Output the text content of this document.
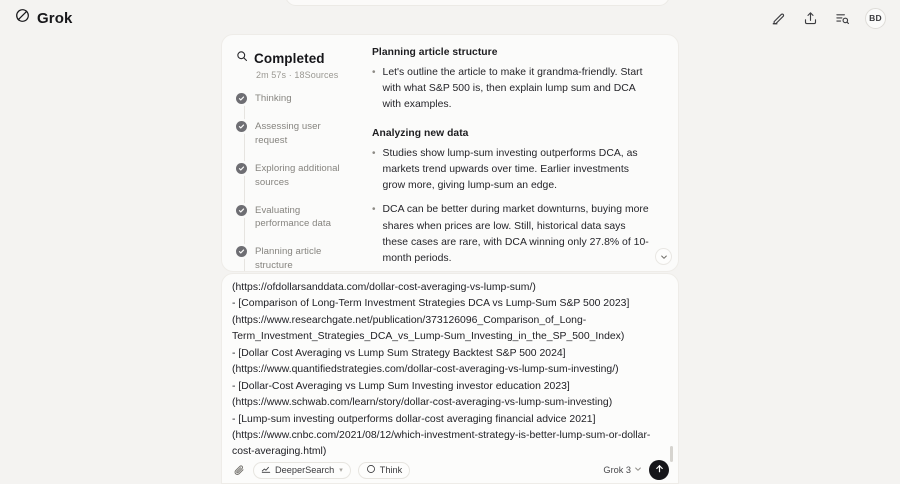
Grok	BD
Completed
2m 57s · 18Sources
Thinking
Assessing user request
Exploring additional sources
Evaluating performance data
Planning article structure
Planning article structure
• Let's outline the article to make it grandma-friendly. Start with what S&P 500 is, then explain lump sum and DCA with examples.
Analyzing new data
• Studies show lump-sum investing outperforms DCA, as markets trend upwards over time. Earlier investments grow more, giving lump-sum an edge.
• DCA can be better during market downturns, buying more shares when prices are low. Still, historical data says these cases are rare, with DCA winning only 27.8% of 10-month periods.
(https://ofdollarsanddata.com/dollar-cost-averaging-vs-lump-sum/)
- [Comparison of Long-Term Investment Strategies DCA vs Lump-Sum S&P 500 2023]
(https://www.researchgate.net/publication/373126096_Comparison_of_Long-Term_Investment_Strategies_DCA_vs_Lump-Sum_Investing_in_the_SP_500_Index)
- [Dollar Cost Averaging vs Lump Sum Strategy Backtest S&P 500 2024]
(https://www.quantifiedstrategies.com/dollar-cost-averaging-vs-lump-sum-investing/)
- [Dollar-Cost Averaging vs Lump Sum Investing investor education 2023]
(https://www.schwab.com/learn/story/dollar-cost-averaging-vs-lump-sum-investing)
- [Lump-sum investing outperforms dollar-cost averaging financial advice 2021]
(https://www.cnbc.com/2021/08/12/which-investment-strategy-is-better-lump-sum-or-dollar-cost-averaging.html)
DeeperSearch ▾	Think	Grok 3
